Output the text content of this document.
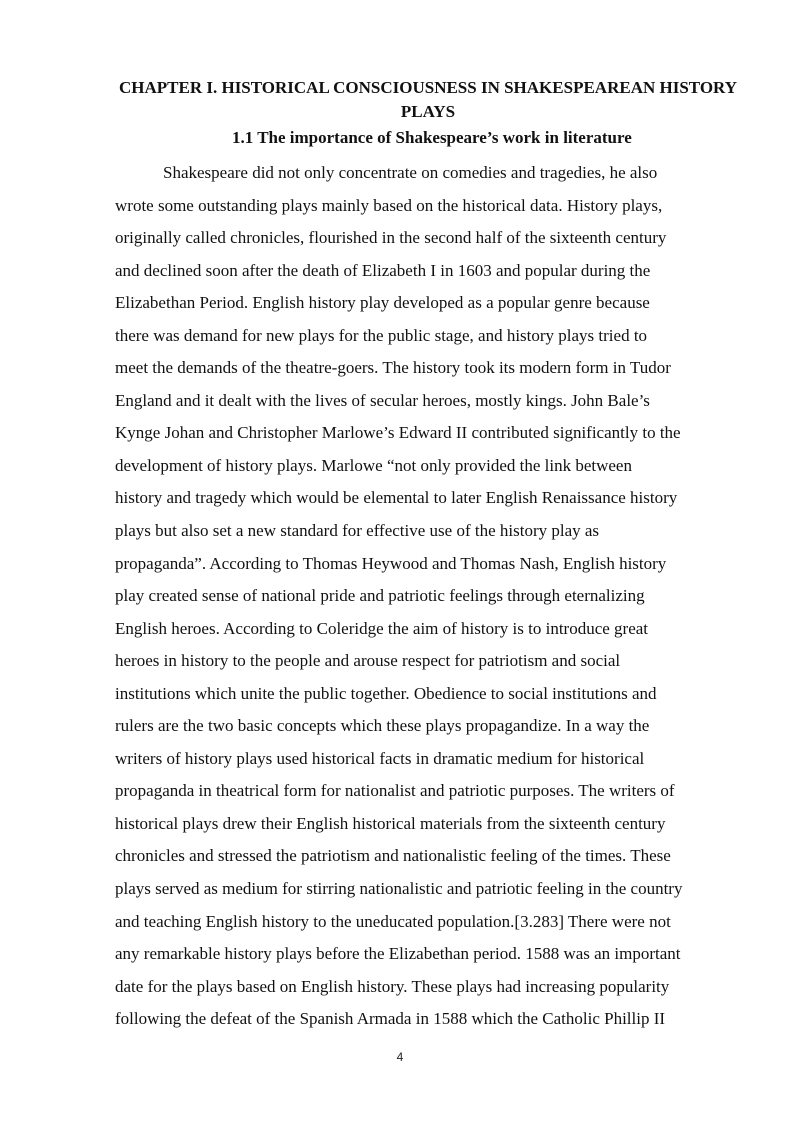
CHAPTER I. HISTORICAL CONSCIOUSNESS IN SHAKESPEAREAN HISTORY PLAYS
1.1 The importance of Shakespeare’s work in literature

Shakespeare did not only concentrate on comedies and tragedies, he also

wrote some outstanding plays mainly based on the historical data. History plays,

originally called chronicles, flourished in the second half of the sixteenth century

and declined soon after the death of Elizabeth I in 1603 and popular during the

Elizabethan Period. English history play developed as a popular genre because

there was demand for new plays for the public stage, and history plays tried to

meet the demands of the theatre-goers. The history took its modern form in Tudor

England and it dealt with the lives of secular heroes, mostly kings. John Bale’s

Kynge Johan and Christopher Marlowe’s Edward II contributed significantly to the

development of history plays. Marlowe “not only provided the link between

history and tragedy which would be elemental to later English Renaissance history

plays but also set a new standard for effective use of the history play as

propaganda”. According to Thomas Heywood and Thomas Nash, English history

play created sense of national pride and patriotic feelings through eternalizing

English heroes. According to Coleridge the aim of history is to introduce great

heroes in history to the people and arouse respect for patriotism and social

institutions which unite the public together. Obedience to social institutions and

rulers are the two basic concepts which these plays propagandize. In a way the

writers of history plays used historical facts in dramatic medium for historical

propaganda in theatrical form for nationalist and patriotic purposes. The writers of

historical plays drew their English historical materials from the sixteenth century

chronicles and stressed the patriotism and nationalistic feeling of the times. These

plays served as medium for stirring nationalistic and patriotic feeling in the country

and teaching English history to the uneducated population.[3.283] There were not

any remarkable history plays before the Elizabethan period. 1588 was an important

date for the plays based on English history. These plays had increasing popularity

following the defeat of the Spanish Armada in 1588 which the Catholic Phillip II

4
